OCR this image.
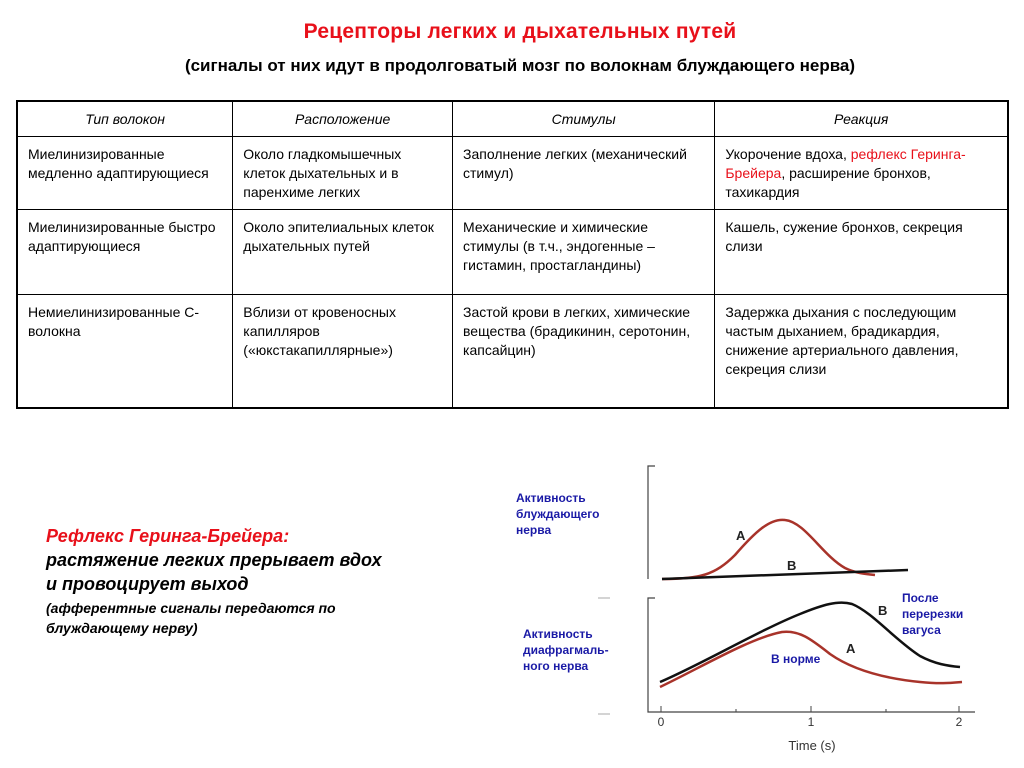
Рецепторы легких и дыхательных путей
(сигналы от них идут в продолговатый мозг по волокнам блуждающего нерва)
Тип волокон	Расположение	Стимулы	Реакция
Миелинизированные медленно адаптирующиеся	Около гладкомышечных клеток дыхательных и в паренхиме легких	Заполнение легких (механический стимул)	Укорочение вдоха, рефлекс Геринга-Брейера, расширение бронхов, тахикардия
Миелинизированные быстро адаптирующиеся	Около эпителиальных клеток дыхательных путей	Механические и химические стимулы (в т.ч., эндогенные – гистамин, простагландины)	Кашель, сужение бронхов, секреция слизи
Немиелинизированные С-волокна	Вблизи от кровеносных капилляров («юкстакапиллярные»)	Застой крови в легких, химические вещества (брадикинин, серотонин, капсайцин)	Задержка дыхания с последующим частым дыханием, брадикардия, снижение артериального давления, секреция слизи
Рефлекс Геринга-Брейера:
растяжение легких прерывает вдох и провоцирует выход
(афферентные сигналы передаются по блуждающему нерву)
Активность блуждающего нерва
Активность диафрагмаль-ного нерва
После перерезки вагуса
В норме
A
B
B
A
0	1	2
Time (s)
